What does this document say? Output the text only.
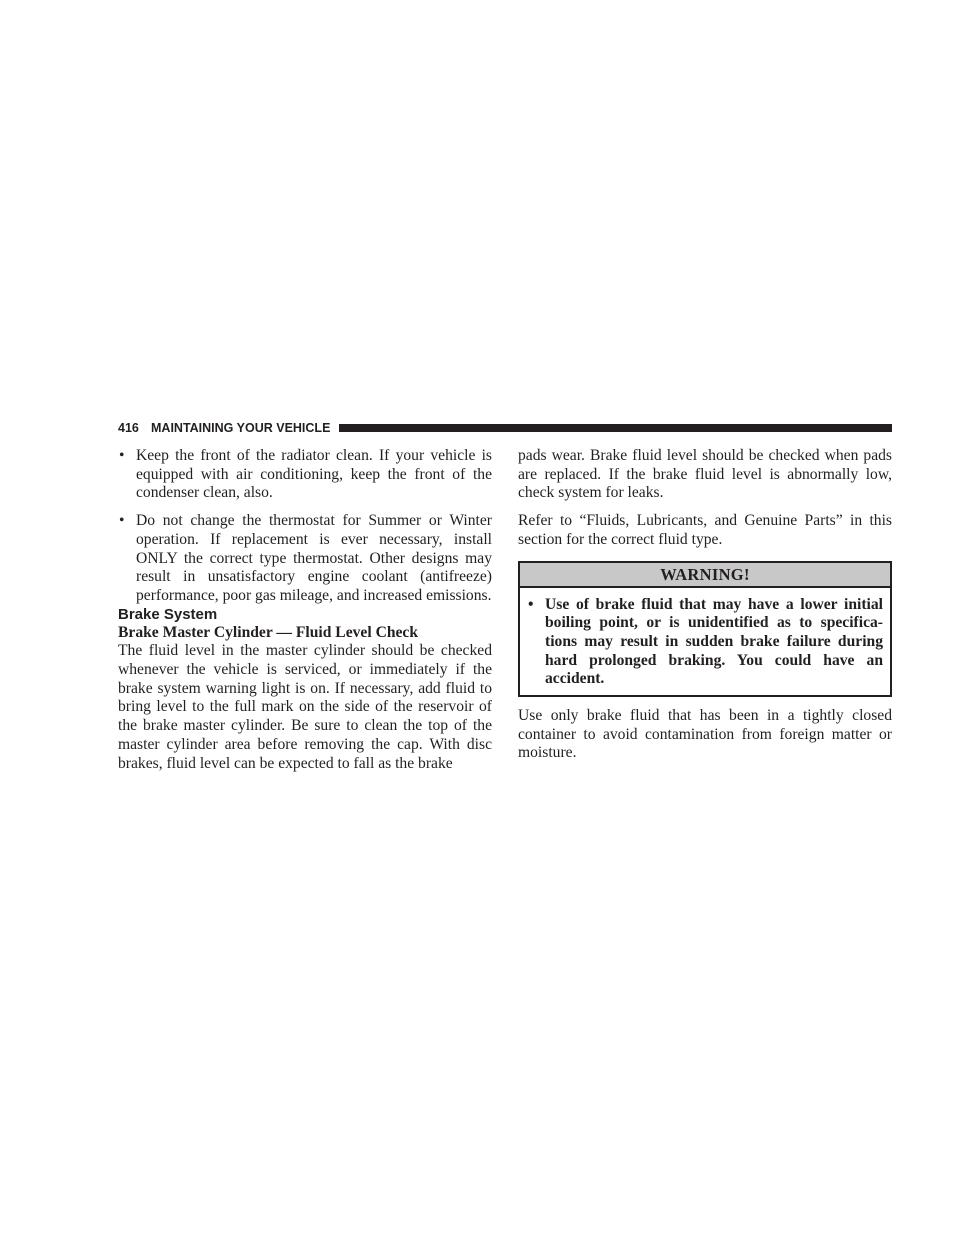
416 MAINTAINING YOUR VEHICLE

• Keep the front of the radiator clean. If your vehicle is equipped with air conditioning, keep the front of the condenser clean, also.

• Do not change the thermostat for Summer or Winter operation. If replacement is ever necessary, install ONLY the correct type thermostat. Other designs may result in unsatisfactory engine coolant (antifreeze) performance, poor gas mileage, and increased emissions.

Brake System

Brake Master Cylinder — Fluid Level Check

The fluid level in the master cylinder should be checked whenever the vehicle is serviced, or immediately if the brake system warning light is on. If necessary, add fluid to bring level to the full mark on the side of the reservoir of the brake master cylinder. Be sure to clean the top of the master cylinder area before removing the cap. With disc brakes, fluid level can be expected to fall as the brake

pads wear. Brake fluid level should be checked when pads are replaced. If the brake fluid level is abnormally low, check system for leaks.

Refer to “Fluids, Lubricants, and Genuine Parts” in this section for the correct fluid type.

WARNING!

• Use of brake fluid that may have a lower initial boiling point, or is unidentified as to specifica-tions may result in sudden brake failure during hard prolonged braking. You could have an accident.

Use only brake fluid that has been in a tightly closed container to avoid contamination from foreign matter or moisture.
